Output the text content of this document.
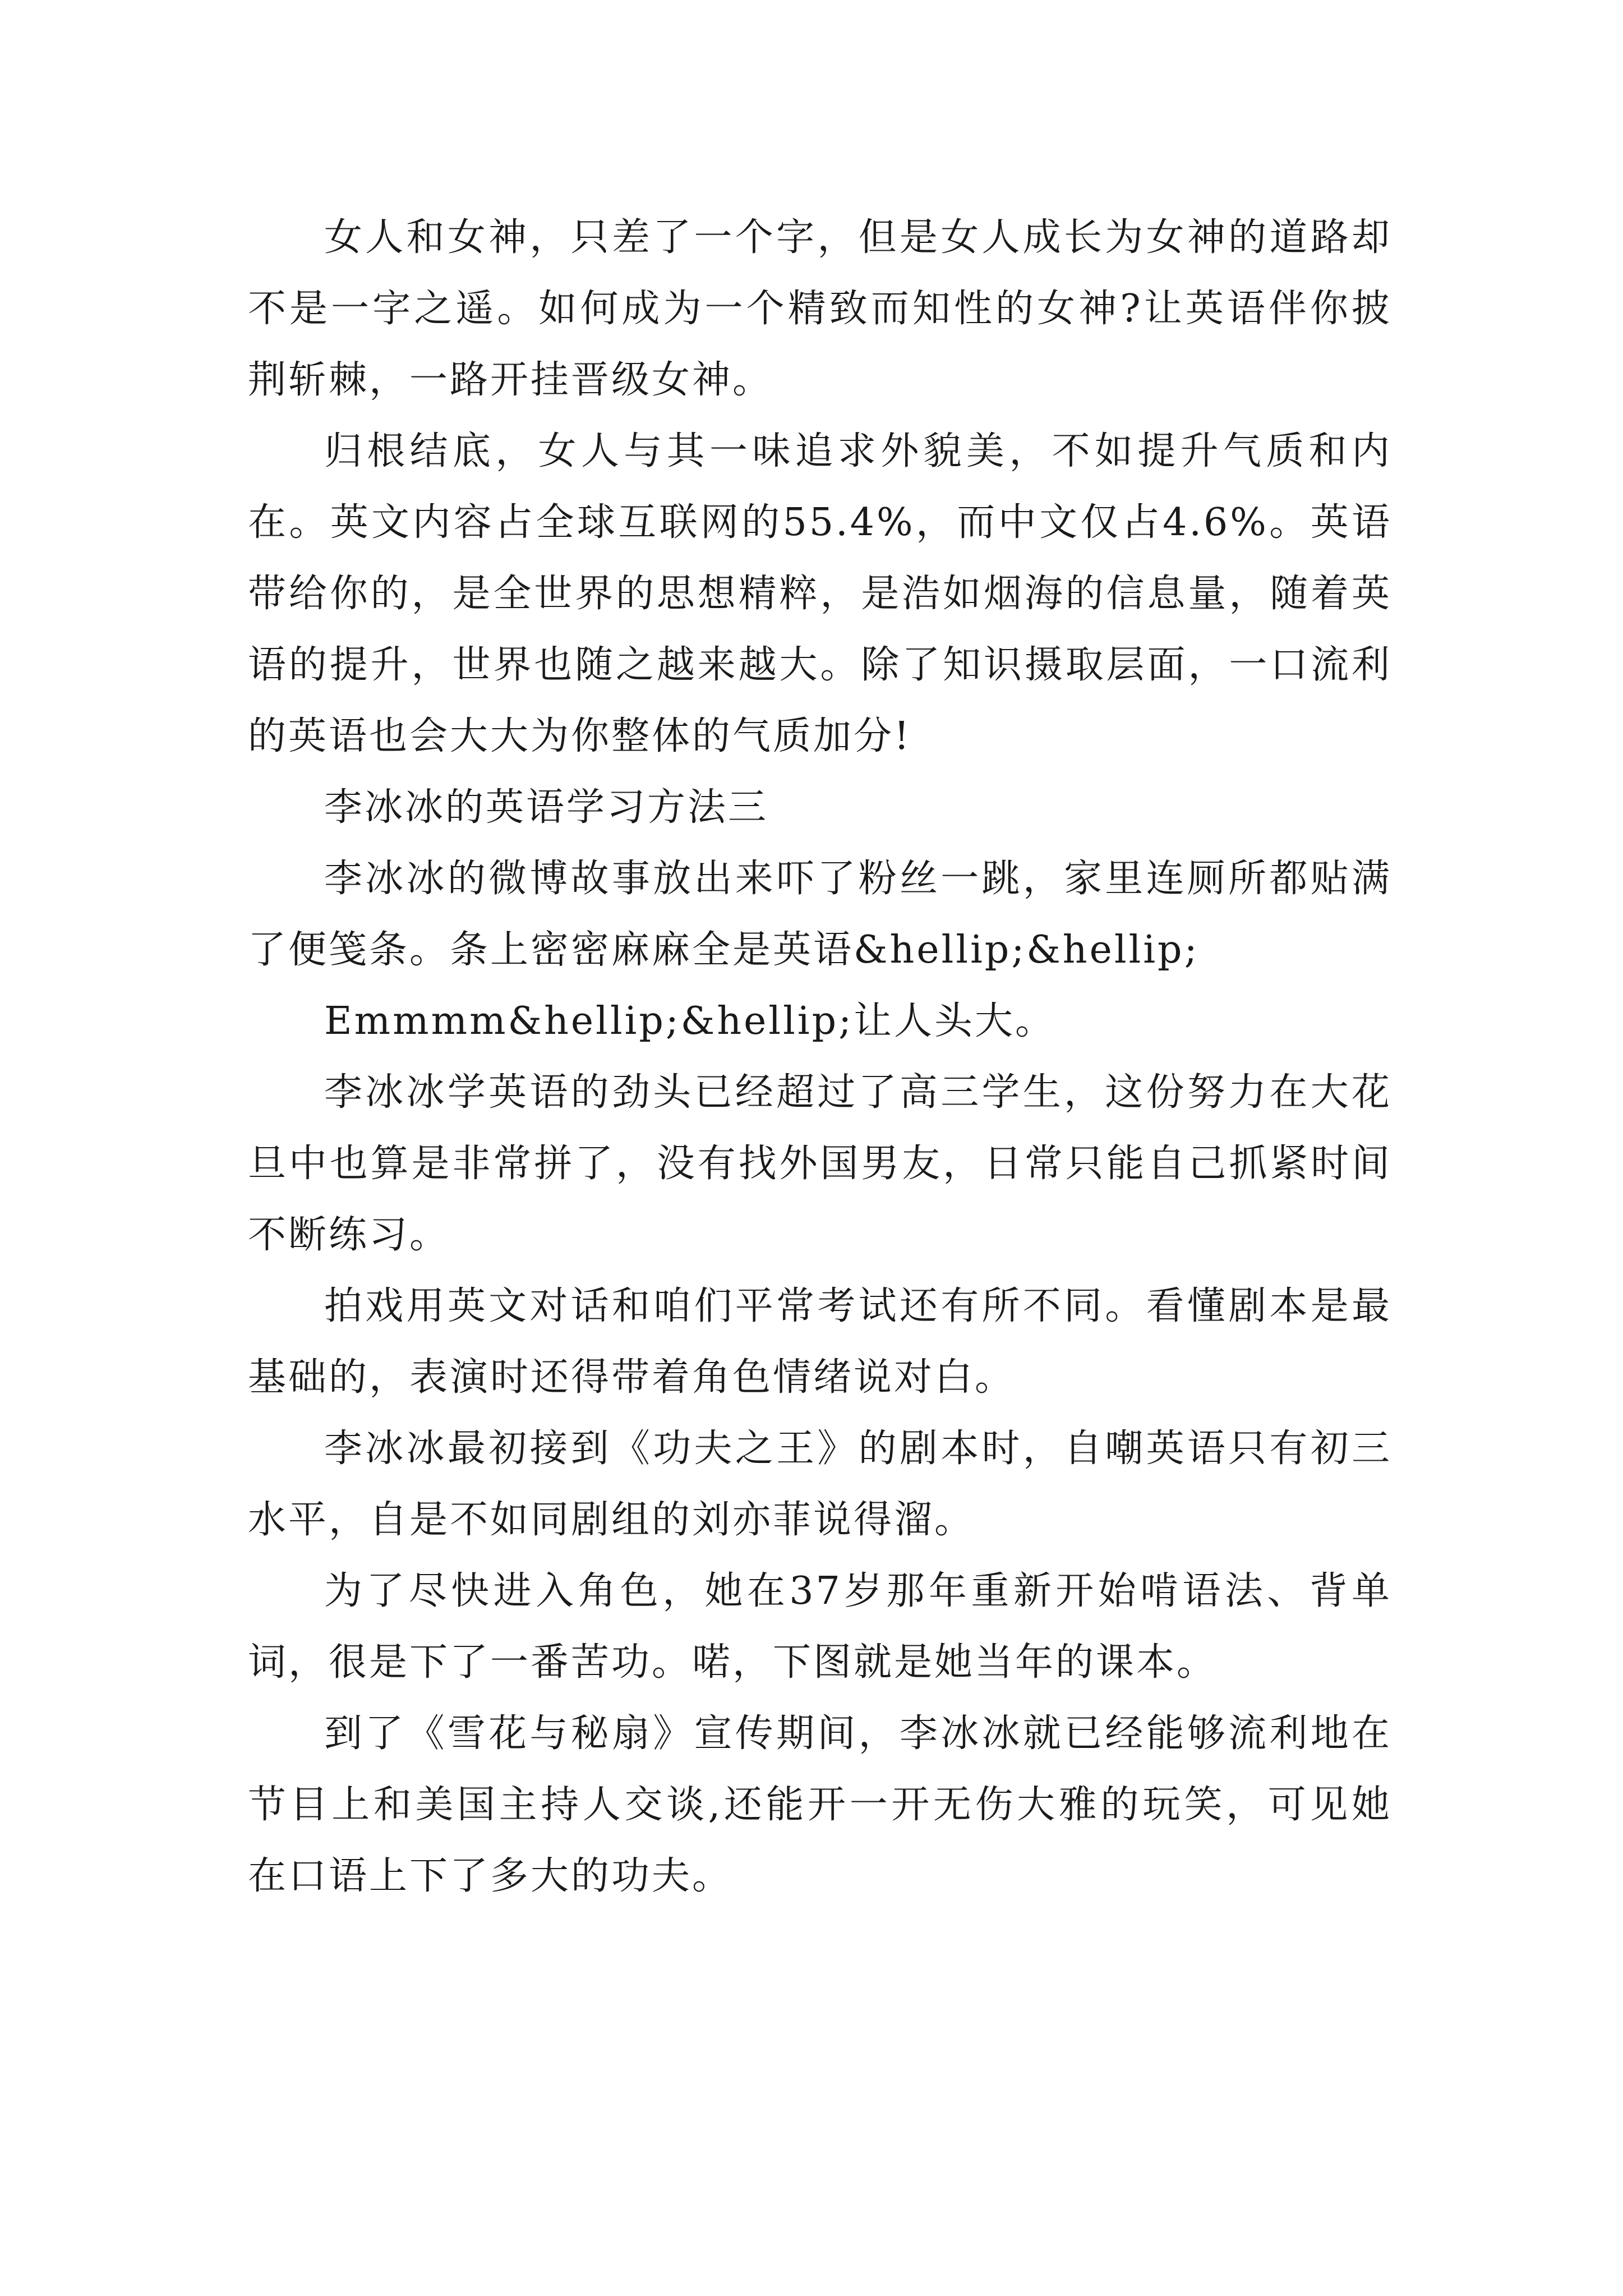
女人和女神，只差了一个字，但是女人成长为女神的道路却不是一字之遥。如何成为一个精致而知性的女神?让英语伴你披荆斩棘，一路开挂晋级女神。

归根结底，女人与其一味追求外貌美，不如提升气质和内在。英文内容占全球互联网的55.4%，而中文仅占4.6%。英语带给你的，是全世界的思想精粹，是浩如烟海的信息量，随着英语的提升，世界也随之越来越大。除了知识摄取层面，一口流利的英语也会大大为你整体的气质加分!

李冰冰的英语学习方法三

李冰冰的微博故事放出来吓了粉丝一跳，家里连厕所都贴满了便笺条。条上密密麻麻全是英语&hellip;&hellip;

Emmmm&hellip;&hellip;让人头大。

李冰冰学英语的劲头已经超过了高三学生，这份努力在大花旦中也算是非常拼了，没有找外国男友，日常只能自己抓紧时间不断练习。

拍戏用英文对话和咱们平常考试还有所不同。看懂剧本是最基础的，表演时还得带着角色情绪说对白。

李冰冰最初接到《功夫之王》的剧本时，自嘲英语只有初三水平，自是不如同剧组的刘亦菲说得溜。

为了尽快进入角色，她在37岁那年重新开始啃语法、背单词，很是下了一番苦功。喏，下图就是她当年的课本。

到了《雪花与秘扇》宣传期间，李冰冰就已经能够流利地在节目上和美国主持人交谈,还能开一开无伤大雅的玩笑，可见她在口语上下了多大的功夫。
